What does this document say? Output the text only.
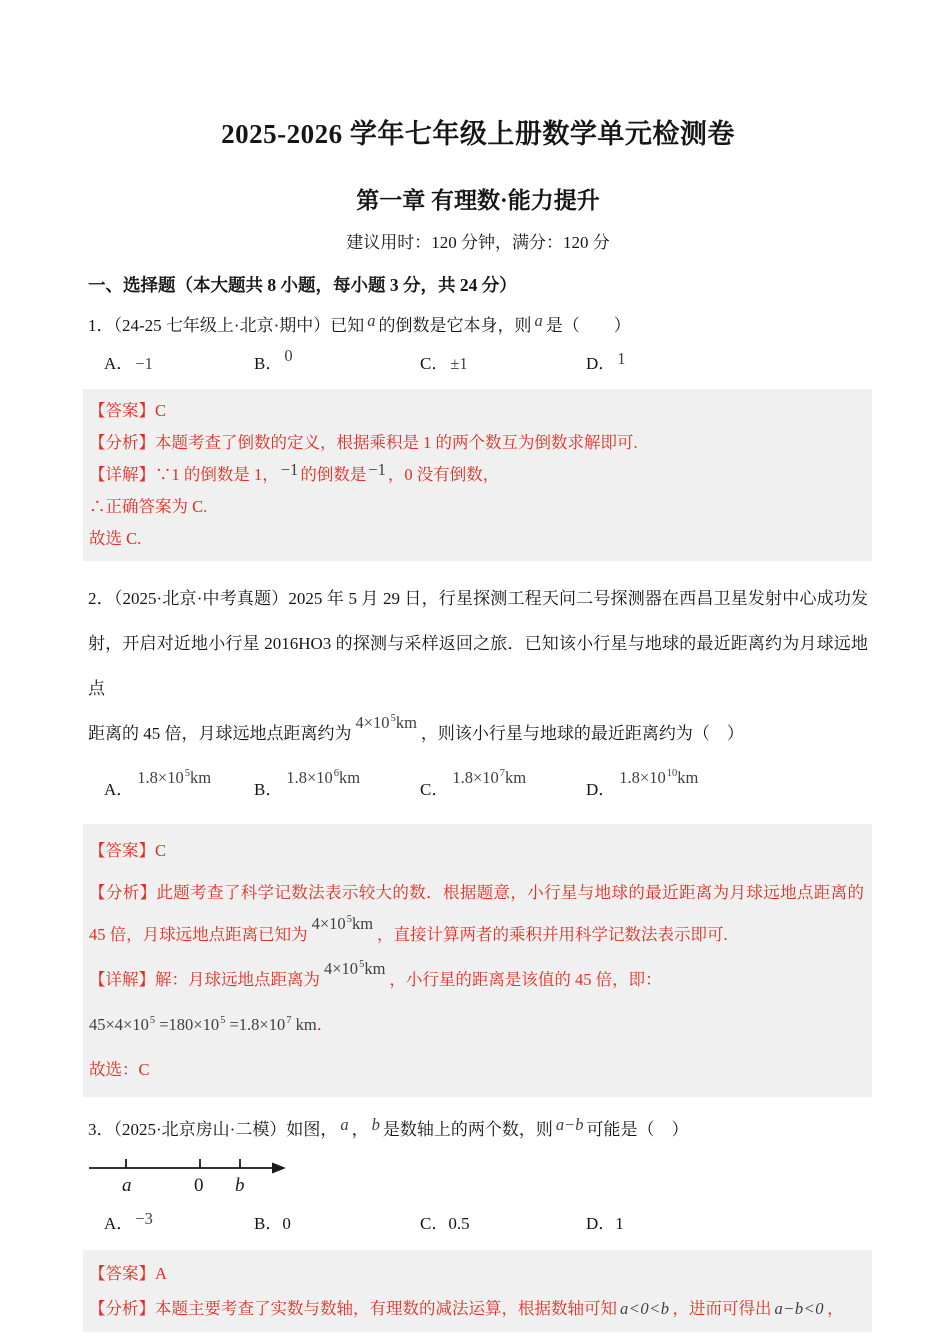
2025-2026 学年七年级上册数学单元检测卷
第一章 有理数·能力提升
建议用时：120 分钟，满分：120 分
一、选择题（本大题共 8 小题，每小题 3 分，共 24 分）
1．（24-25 七年级上·北京·期中）已知 a 的倒数是它本身，则 a 是（　　）
A． −1	B． 0	C． ±1	D． 1
【答案】C
【分析】本题考查了倒数的定义，根据乘积是 1 的两个数互为倒数求解即可.
【详解】∵1 的倒数是 1， −1 的倒数是 −1 ，0 没有倒数，
∴正确答案为 C.
故选 C.
2．（2025·北京·中考真题）2025 年 5 月 29 日，行星探测工程天问二号探测器在西昌卫星发射中心成功发
射，开启对近地小行星 2016HO3 的探测与采样返回之旅．已知该小行星与地球的最近距离约为月球远地点
距离的 45 倍，月球远地点距离约为$4\times 10^5km$，则该小行星与地球的最近距离约为（　）
A．$1.8\times 10^5km$
B．$1.8\times 10^6km$
C．$1.8\times 10^7km$
D．$1.8\times 10^{10}km$
【答案】C
【分析】此题考查了科学记数法表示较大的数．根据题意，小行星与地球的最近距离为月球远地点距离的
45 倍，月球远地点距离已知为$4\times 10^5km$，直接计算两者的乘积并用科学记数法表示即可.
【详解】解：月球远地点距离为$4\times 10^5km$，小行星的距离是该值的 45 倍，即：
$45\times 4\times 10^5 =180\times 10^5 =1.8\times 10^7$ km．
故选：C
3．（2025·北京房山·二模）如图， a ， b 是数轴上的两个数，则 a−b 可能是（　）
a	0 b
A． −3	B．0	C．0.5	D．1
【答案】A
【分析】本题主要考查了实数与数轴，有理数的减法运算，根据数轴可知 a<0<b ，进而可得出 a−b<0 ，
